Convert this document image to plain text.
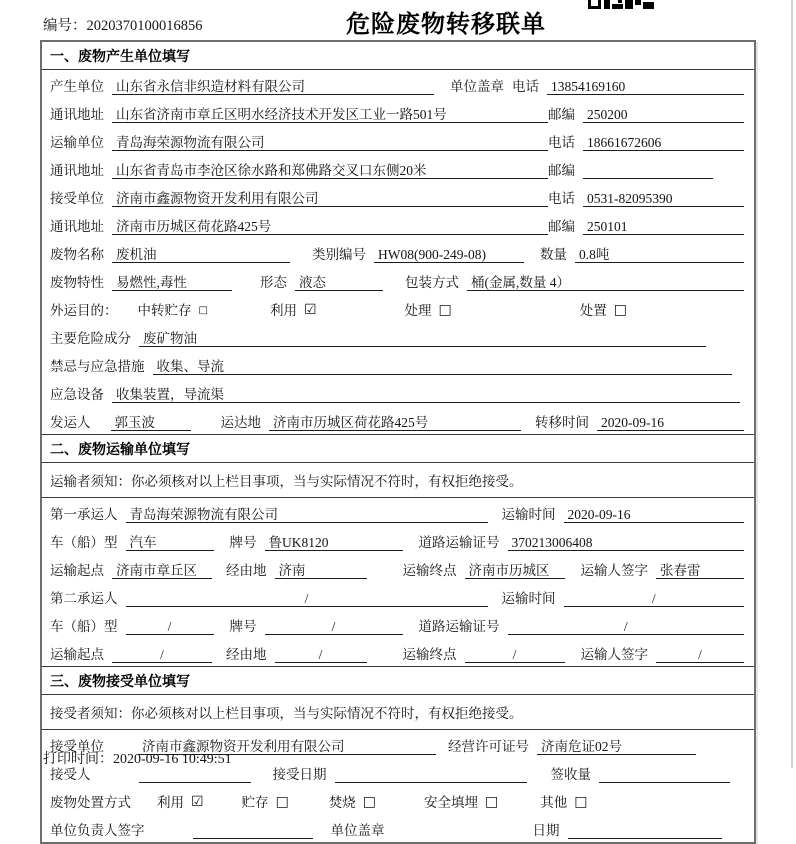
编号：2020370100016856	危险废物转移联单
一、废物产生单位填写
产生单位 山东省永信非织造材料有限公司	单位盖章 电话 13854169160
通讯地址 山东省济南市章丘区明水经济技术开发区工业一路501号	邮编 250200
运输单位 青岛海荣源物流有限公司	电话 18661672606
通讯地址 山东省青岛市李沧区徐水路和郑佛路交叉口东侧20米	邮编
接受单位 济南市鑫源物资开发利用有限公司	电话 0531-82095390
通讯地址 济南市历城区荷花路425号	邮编 250101
废物名称 废机油	类别编号 HW08(900-249-08)	数量 0.8吨
废物特性 易燃性,毒性	形态 液态	包装方式 桶(金属,数量 4）
外运目的： 中转贮存 □	利用 ☑	处理 □	处置 □
主要危险成分 废矿物油
禁忌与应急措施 收集、导流
应急设备 收集装置，导流渠
发运人 郭玉波	运达地 济南市历城区荷花路425号	转移时间 2020-09-16
二、废物运输单位填写
运输者须知：你必须核对以上栏目事项，当与实际情况不符时，有权拒绝接受。
第一承运人 青岛海荣源物流有限公司	运输时间 2020-09-16
车（船）型 汽车	牌号 鲁UK8120	道路运输证号 370213006408
运输起点 济南市章丘区	经由地 济南	运输终点 济南市历城区	运输人签字 张春雷
第二承运人	/	运输时间	/
车（船）型	/	牌号	/	道路运输证号	/
运输起点	/	经由地	/	运输终点	/	运输人签字	/
三、废物接受单位填写
接受者须知：你必须核对以上栏目事项，当与实际情况不符时，有权拒绝接受。
接受单位	济南市鑫源物资开发利用有限公司	经营许可证号 济南危证02号
接受人	接受日期	签收量
废物处置方式 利用 ☑	贮存 □	焚烧 □	安全填埋 □	其他 □
单位负责人签字	单位盖章	日期
打印时间：2020-09-16 10:49:51
